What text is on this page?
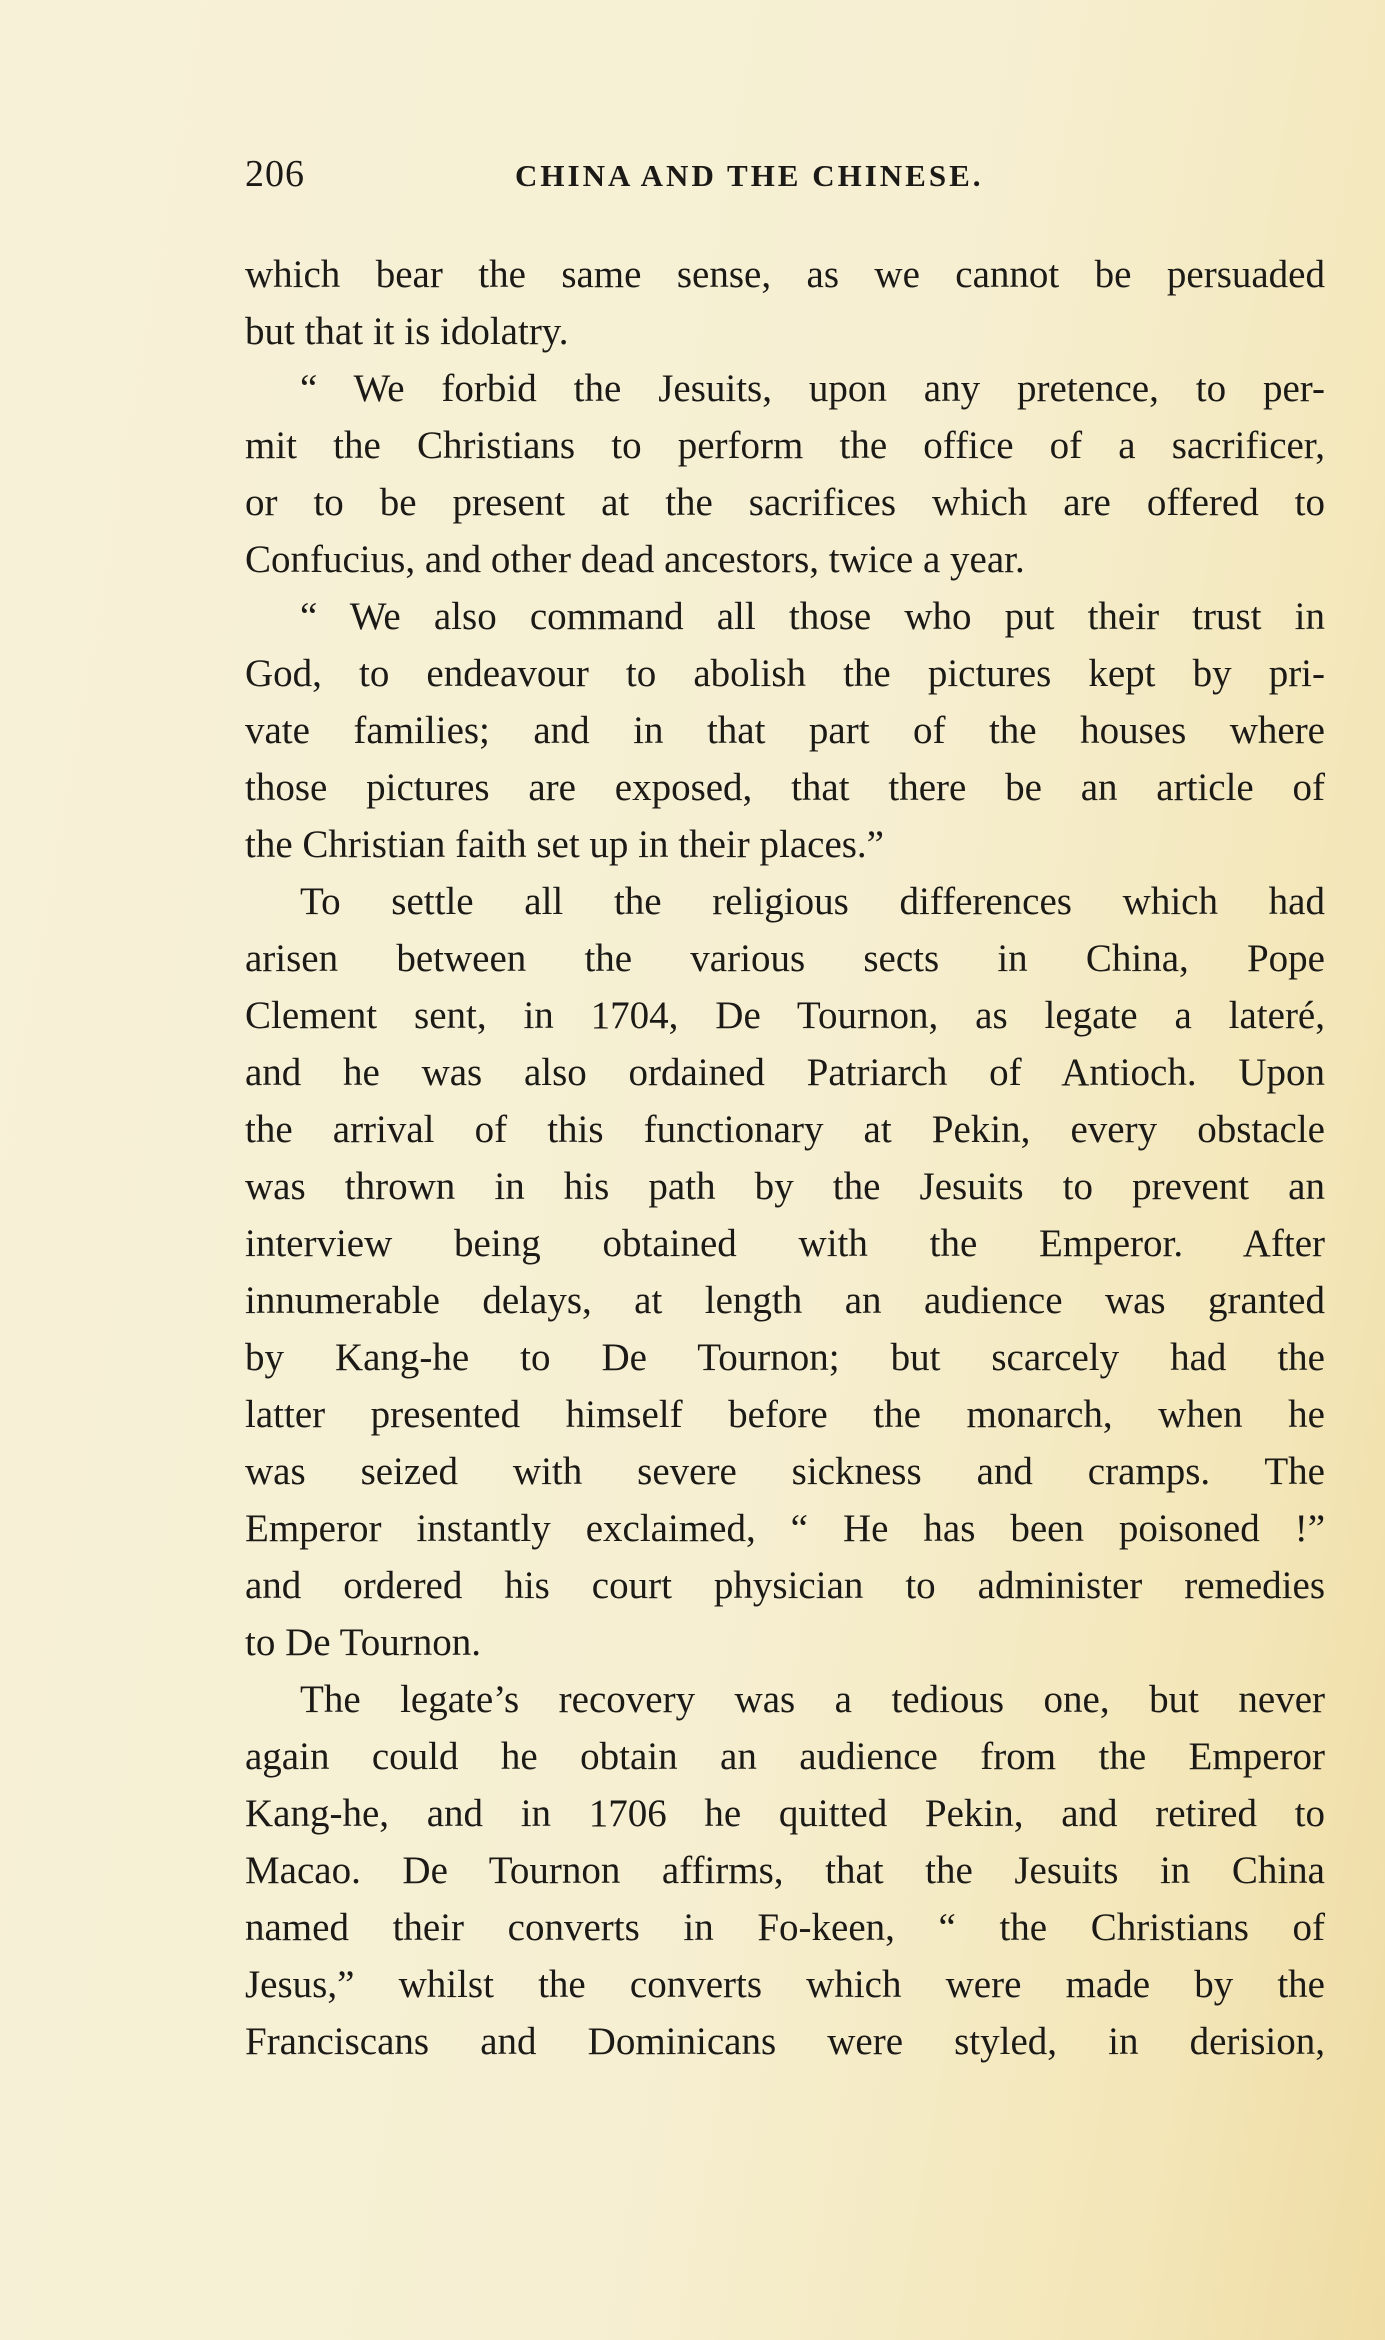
206	CHINA AND THE CHINESE.
which bear the same sense, as we cannot be persuaded
but that it is idolatry.
“ We forbid the Jesuits, upon any pretence, to per-
mit the Christians to perform the office of a sacrificer,
or to be present at the sacrifices which are offered to
Confucius, and other dead ancestors, twice a year.
“ We also command all those who put their trust in
God, to endeavour to abolish the pictures kept by pri-
vate families; and in that part of the houses where
those pictures are exposed, that there be an article of
the Christian faith set up in their places.”
To settle all the religious differences which had
arisen between the various sects in China, Pope
Clement sent, in 1704, De Tournon, as legate a lateré,
and he was also ordained Patriarch of Antioch. Upon
the arrival of this functionary at Pekin, every obstacle
was thrown in his path by the Jesuits to prevent an
interview being obtained with the Emperor. After
innumerable delays, at length an audience was granted
by Kang-he to De Tournon; but scarcely had the
latter presented himself before the monarch, when he
was seized with severe sickness and cramps. The
Emperor instantly exclaimed, “ He has been poisoned !”
and ordered his court physician to administer remedies
to De Tournon.
The legate’s recovery was a tedious one, but never
again could he obtain an audience from the Emperor
Kang-he, and in 1706 he quitted Pekin, and retired to
Macao. De Tournon affirms, that the Jesuits in China
named their converts in Fo-keen, “ the Christians of
Jesus,” whilst the converts which were made by the
Franciscans and Dominicans were styled, in derision,
